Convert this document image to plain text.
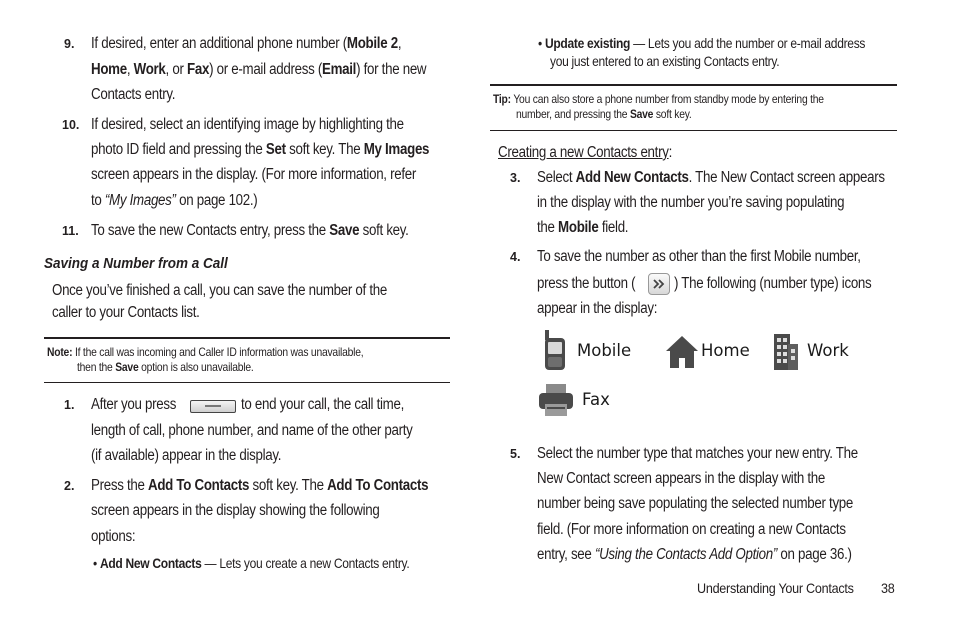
9. If desired, enter an additional phone number (Mobile 2,
Home, Work, or Fax) or e-mail address (Email) for the new
Contacts entry.
10. If desired, select an identifying image by highlighting the
photo ID field and pressing the Set soft key. The My Images
screen appears in the display. (For more information, refer
to “My Images” on page 102.)
11. To save the new Contacts entry, press the Save soft key.
Saving a Number from a Call
Once you’ve finished a call, you can save the number of the
caller to your Contacts list.
Note: If the call was incoming and Caller ID information was unavailable,
then the Save option is also unavailable.
1. After you press	to end your call, the call time,
length of call, phone number, and name of the other party
(if available) appear in the display.
2. Press the Add To Contacts soft key. The Add To Contacts
screen appears in the display showing the following
options:
• Add New Contacts — Lets you create a new Contacts entry.
• Update existing — Lets you add the number or e-mail address
you just entered to an existing Contacts entry.
Tip: You can also store a phone number from standby mode by entering the
number, and pressing the Save soft key.
Creating a new Contacts entry:
3. Select Add New Contacts. The New Contact screen appears
in the display with the number you’re saving populating
the Mobile field.
4. To save the number as other than the first Mobile number,
press the button ( ) The following (number type) icons
appear in the display:
Mobile	Home	Work
Fax
5. Select the number type that matches your new entry. The
New Contact screen appears in the display with the
number being save populating the selected number type
field. (For more information on creating a new Contacts
entry, see “Using the Contacts Add Option” on page 36.)
Understanding Your Contacts 38
